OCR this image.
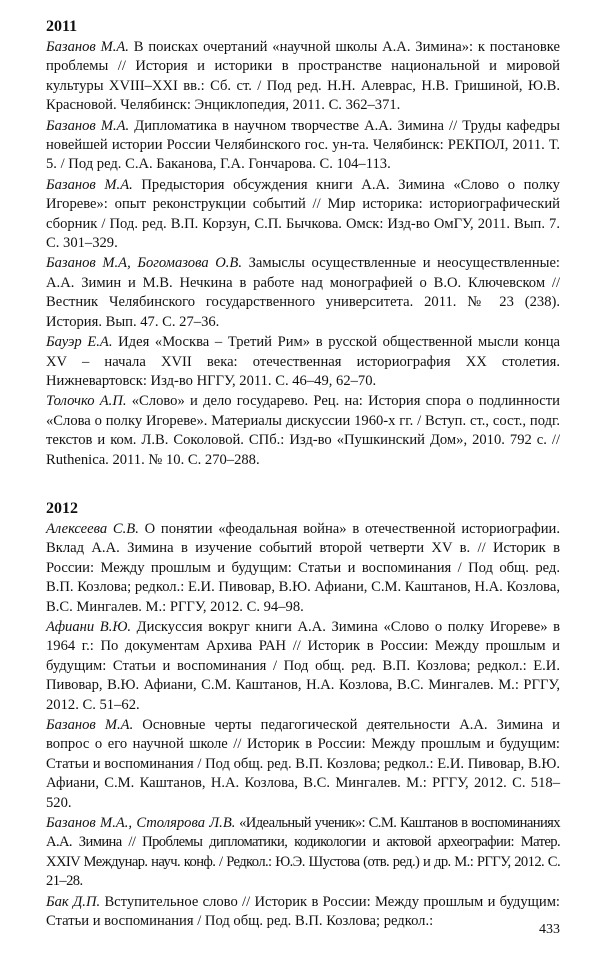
2011

Базанов М.А. В поисках очертаний «научной школы А.А. Зимина»: к постановке проблемы // История и историки в пространстве национальной и мировой культуры XVIII–XXI вв.: Сб. ст. / Под ред. Н.Н. Алеврас, Н.В. Гришиной, Ю.В. Красновой. Челябинск: Энциклопедия, 2011. С. 362–371.

Базанов М.А. Дипломатика в научном творчестве А.А. Зимина // Труды кафедры новейшей истории России Челябинского гос. ун-та. Челябинск: РЕКПОЛ, 2011. Т. 5. / Под ред. С.А. Баканова, Г.А. Гончарова. С. 104–113.

Базанов М.А. Предыстория обсуждения книги А.А. Зимина «Слово о полку Игореве»: опыт реконструкции событий // Мир историка: историографический сборник / Под. ред. В.П. Корзун, С.П. Бычкова. Омск: Изд-во ОмГУ, 2011. Вып. 7. С. 301–329.

Базанов М.А, Богомазова О.В. Замыслы осуществленные и неосуществленные: А.А. Зимин и М.В. Нечкина в работе над монографией о В.О. Ключевском // Вестник Челябинского государственного университета. 2011. № 23 (238). История. Вып. 47. С. 27–36.

Бауэр Е.А. Идея «Москва – Третий Рим» в русской общественной мысли конца XV – начала XVII века: отечественная историография XX столетия. Нижневартовск: Изд-во НГГУ, 2011. С. 46–49, 62–70.

Толочко А.П. «Слово» и дело государево. Рец. на: История спора о подлинности «Слова о полку Игореве». Материалы дискуссии 1960-х гг. / Вступ. ст., сост., подг. текстов и ком. Л.В. Соколовой. СПб.: Изд-во «Пушкинский Дом», 2010. 792 с. // Ruthenica. 2011. № 10. С. 270–288.

2012

Алексеева С.В. О понятии «феодальная война» в отечественной историографии. Вклад А.А. Зимина в изучение событий второй четверти XV в. // Историк в России: Между прошлым и будущим: Статьи и воспоминания / Под общ. ред. В.П. Козлова; редкол.: Е.И. Пивовар, В.Ю. Афиани, С.М. Каштанов, Н.А. Козлова, В.С. Мингалев. М.: РГГУ, 2012. С. 94–98.

Афиани В.Ю. Дискуссия вокруг книги А.А. Зимина «Слово о полку Игореве» в 1964 г.: По документам Архива РАН // Историк в России: Между прошлым и будущим: Статьи и воспоминания / Под общ. ред. В.П. Козлова; редкол.: Е.И. Пивовар, В.Ю. Афиани, С.М. Каштанов, Н.А. Козлова, В.С. Мингалев. М.: РГГУ, 2012. С. 51–62.

Базанов М.А. Основные черты педагогической деятельности А.А. Зимина и вопрос о его научной школе // Историк в России: Между прошлым и будущим: Статьи и воспоминания / Под общ. ред. В.П. Козлова; редкол.: Е.И. Пивовар, В.Ю. Афиани, С.М. Каштанов, Н.А. Козлова, В.С. Мингалев. М.: РГГУ, 2012. С. 518–520.

Базанов М.А., Столярова Л.В. «Идеальный ученик»: С.М. Каштанов в воспоминаниях А.А. Зимина // Проблемы дипломатики, кодикологии и актовой археографии: Матер. XXIV Междунар. науч. конф. / Редкол.: Ю.Э. Шустова (отв. ред.) и др. М.: РГГУ, 2012. С. 21–28.

Бак Д.П. Вступительное слово // Историк в России: Между прошлым и будущим: Статьи и воспоминания / Под общ. ред. В.П. Козлова; редкол.:

433
